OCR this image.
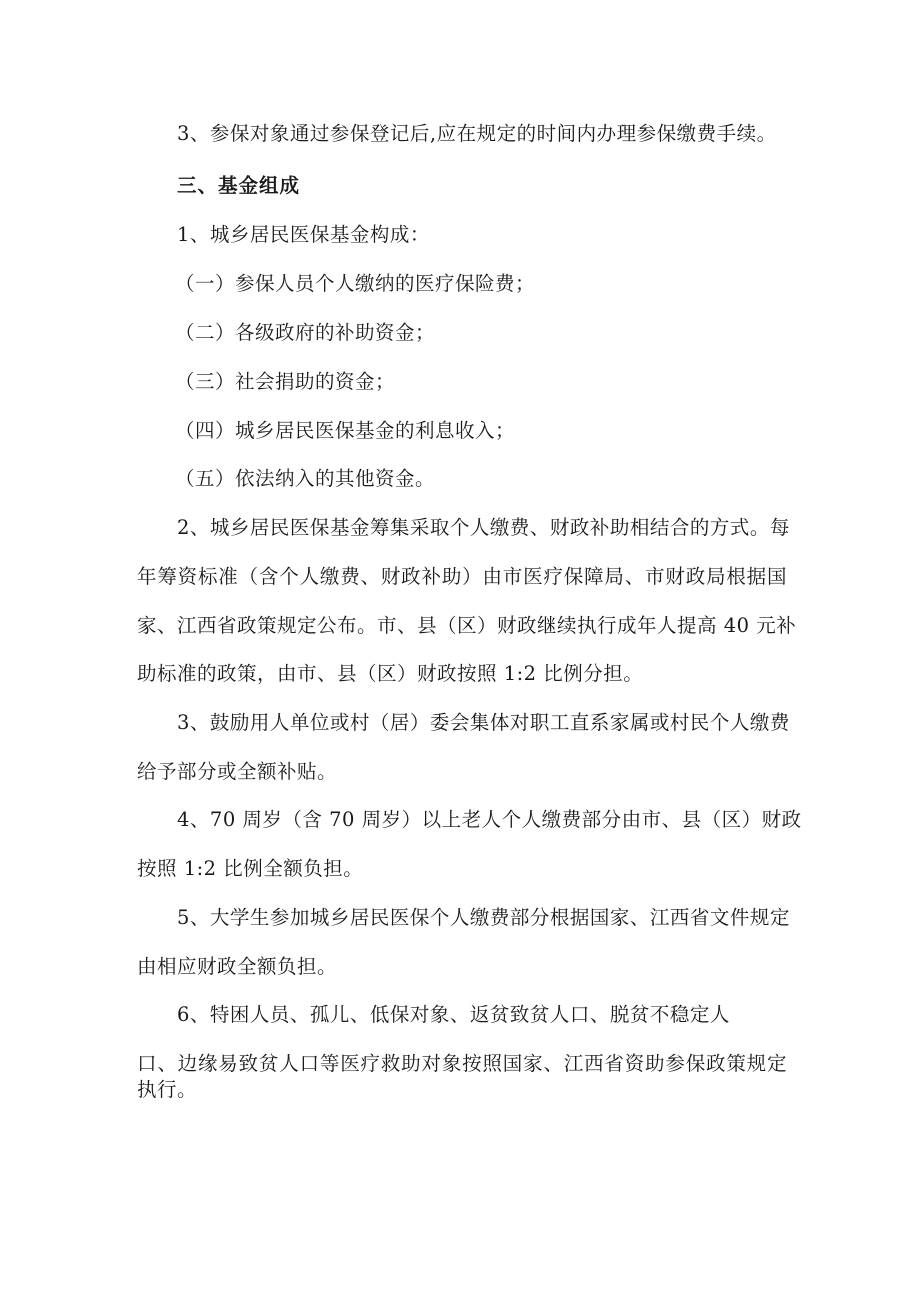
3、参保对象通过参保登记后,应在规定的时间内办理参保缴费手续。
三、基金组成
1、城乡居民医保基金构成：
（一）参保人员个人缴纳的医疗保险费；
（二）各级政府的补助资金；
（三）社会捐助的资金；
（四）城乡居民医保基金的利息收入；
（五）依法纳入的其他资金。
2、城乡居民医保基金筹集采取个人缴费、财政补助相结合的方式。每
年筹资标准（含个人缴费、财政补助）由市医疗保障局、市财政局根据国
家、江西省政策规定公布。市、县（区）财政继续执行成年人提高 40 元补
助标准的政策，由市、县（区）财政按照 1:2 比例分担。
3、鼓励用人单位或村（居）委会集体对职工直系家属或村民个人缴费
给予部分或全额补贴。
4、70 周岁（含 70 周岁）以上老人个人缴费部分由市、县（区）财政
按照 1:2 比例全额负担。
5、大学生参加城乡居民医保个人缴费部分根据国家、江西省文件规定
由相应财政全额负担。
6、特困人员、孤儿、低保对象、返贫致贫人口、脱贫不稳定人
口、边缘易致贫人口等医疗救助对象按照国家、江西省资助参保政策规定
执行。
